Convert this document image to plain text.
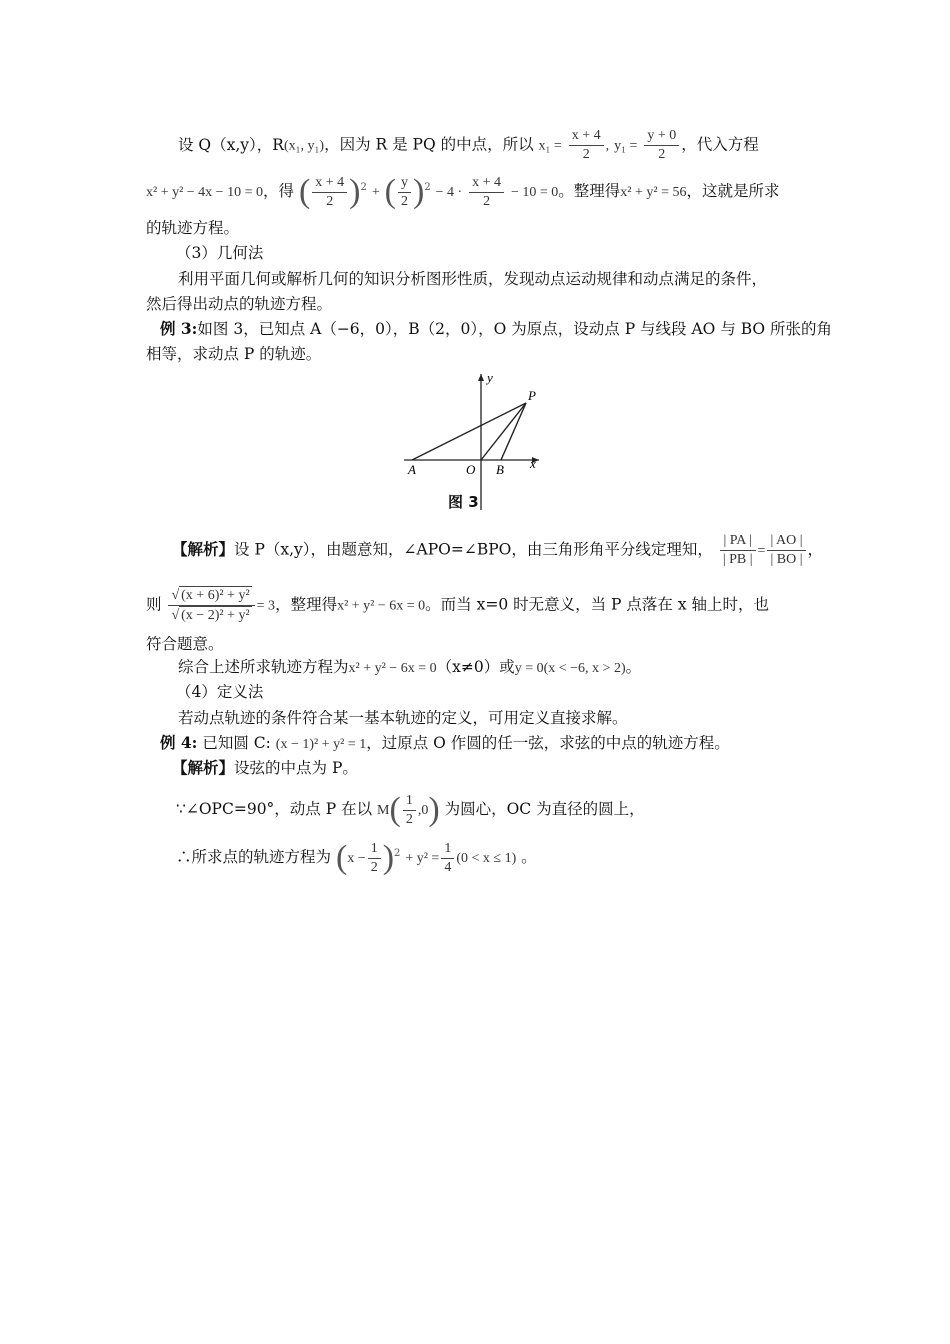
设 Q（x,y），R(x₁, y₁)，因为 R 是 PQ 的中点，所以 $x_1 = \frac{x + 4}{2}$ , $y_1 = \frac{y + 0}{2}$ ，代入方程
x² + y² − 4x − 10 = 0，得 ( $\frac{x + 4}{2} )^2$ + ( $\frac{y}{2} )^2 - 4 \cdot \frac{x + 4}{2} - 10 = 0$。整理得x² + y² = 56，这就是所求
的轨迹方程。
（3）几何法
利用平面几何或解析几何的知识分析图形性质，发现动点运动规律和动点满足的条件，
然后得出动点的轨迹方程。
例 3:如图 3，已知点 A（−6，0），B（2，0），O 为原点，设动点 P 与线段 AO 与 BO 所张的角
相等，求动点 P 的轨迹。
y
x
P
A	O B
图 3
【解析】设 P（x,y），由题意知，∠APO=∠BPO，由三角形角平分线定理知， $\frac{| PA |}{| PB |} = \frac{| AO |}{| BO |}$ ，
则 $\frac{\text{√ (x + 6)² + y²}}{\text{√ (x − 2)² + y²}} = 3$，整理得x² + y² − 6x = 0。而当 x=0 时无意义，当 P 点落在 x 轴上时，也
符合题意。
综合上述所求轨迹方程为x² + y² − 6x = 0（x≠0）或y = 0(x < −6, x > 2)。
（4）定义法
若动点轨迹的条件符合某一基本轨迹的定义，可用定义直接求解。
例 4: 已知圆 C: (x − 1)² + y² = 1，过原点 O 作圆的任一弦，求弦的中点的轨迹方程。
【解析】设弦的中点为 P。
∵∠OPC=90°，动点 P 在以 $M( \frac{1}{2} ,0)$ 为圆心，OC 为直径的圆上，
∴所求点的轨迹方程为 $(x - \frac{1}{2} )^2 + y^2 = \frac{1}{4} (0 < x \le 1)$ 。
